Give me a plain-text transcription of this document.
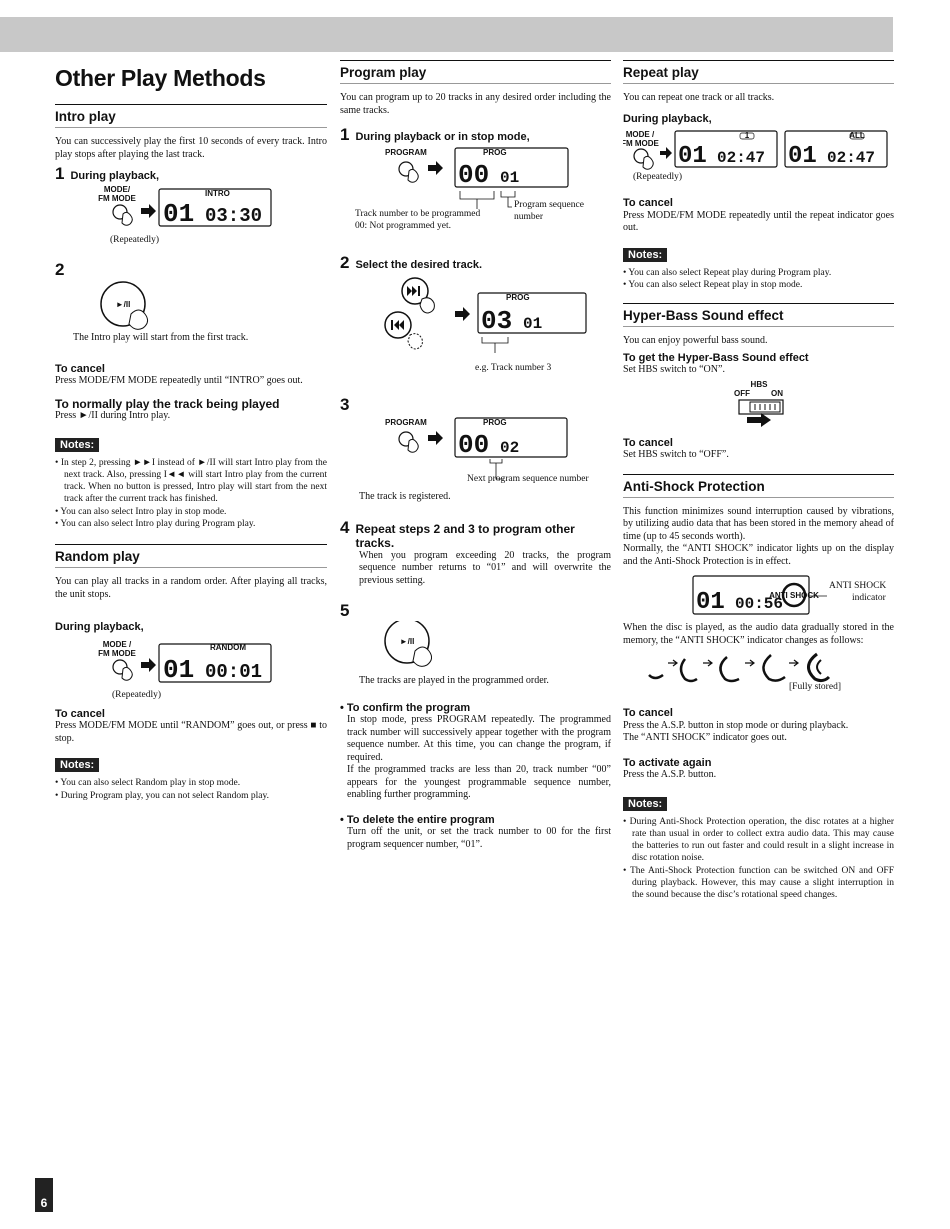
Other Play Methods
Intro play

You can successively play the first 10 seconds of every track. Intro play stops after playing the last track.

1 During playback,
MODE/
FM MODE
INTRO
01 03:30
(Repeatedly)
2
►/II

The Intro play will start from the first track.

To cancel

Press MODE/FM MODE repeatedly until “INTRO” goes out.

To normally play the track being played

Press ►/II during Intro play.

Notes:
• In step 2, pressing ►►I instead of ►/II will start Intro play from the next track. Also, pressing I◄◄ will start Intro play from the current track. When no button is pressed, Intro play will start from the next track after the current track has finished.
• You can also select Intro play in stop mode.
• You can also select Intro play during Program play.
Random play

You can play all tracks in a random order. After playing all tracks, the unit stops.

During playback,

MODE /
FM MODE
RANDOM
01 00:01
(Repeatedly)

To cancel

Press MODE/FM MODE until “RANDOM” goes out, or press ■ to stop.

Notes:
• You can also select Random play in stop mode.
• During Program play, you can not select Random play.
Program play

You can program up to 20 tracks in any desired order including the same tracks.

1 During playback or in stop mode,
PROGRAM	PROG
00 01
Track number to be programmed
00: Not programmed yet.
Program sequence
number
2 Select the desired track.
PROG
03 01
e.g. Track number 3
3
PROGRAM	PROG
00 02
Next program sequence number

The track is registered.

4 Repeat steps 2 and 3 to program other tracks.

When you program exceeding 20 tracks, the program sequence number returns to “01” and will overwrite the previous setting.

5
►/II

The tracks are played in the programmed order.

• To confirm the program

In stop mode, press PROGRAM repeatedly. The programmed track number will successively appear together with the program sequence number. At this time, you can change the program, if required.

If the programmed tracks are less than 20, track number “00” appears for the youngest programmable sequence number, enabling further programming.

• To delete the entire program

Turn off the unit, or set the track number to 00 for the first program sequencer number, “01”.

Repeat play

You can repeat one track or all tracks.

During playback,

MODE /
FM MODE
1
01 02:47
ALL
01 02:47
(Repeatedly)

To cancel

Press MODE/FM MODE repeatedly until the repeat indicator goes out.

Notes:
• You can also select Repeat play during Program play.
• You can also select Repeat play in stop mode.
Hyper-Bass Sound effect

You can enjoy powerful bass sound.

To get the Hyper-Bass Sound effect

Set HBS switch to “ON”.

HBS
OFF	ON

To cancel

Set HBS switch to “OFF”.

Anti-Shock Protection

This function minimizes sound interruption caused by vibrations, by utilizing audio data that has been stored in the memory ahead of time (up to 45 seconds worth).

Normally, the “ANTI SHOCK” indicator lights up on the display and the Anti-Shock Protection is in effect.

01 00:56
ANTI SHOCK
ANTI SHOCK
indicator

When the disc is played, as the audio data gradually stored in the memory, the “ANTI SHOCK” indicator changes as follows:

[Fully stored]

To cancel

Press the A.S.P. button in stop mode or during playback.

The “ANTI SHOCK” indicator goes out.

To activate again

Press the A.S.P. button.

Notes:
• During Anti-Shock Protection operation, the disc rotates at a higher rate than usual in order to collect extra audio data. This may cause the batteries to run out faster and could result in a slight increase in disc rotation noise.
• The Anti-Shock Protection function can be switched ON and OFF during playback. However, this may cause a slight interruption in the sound because the disc’s rotational speed changes.
6
